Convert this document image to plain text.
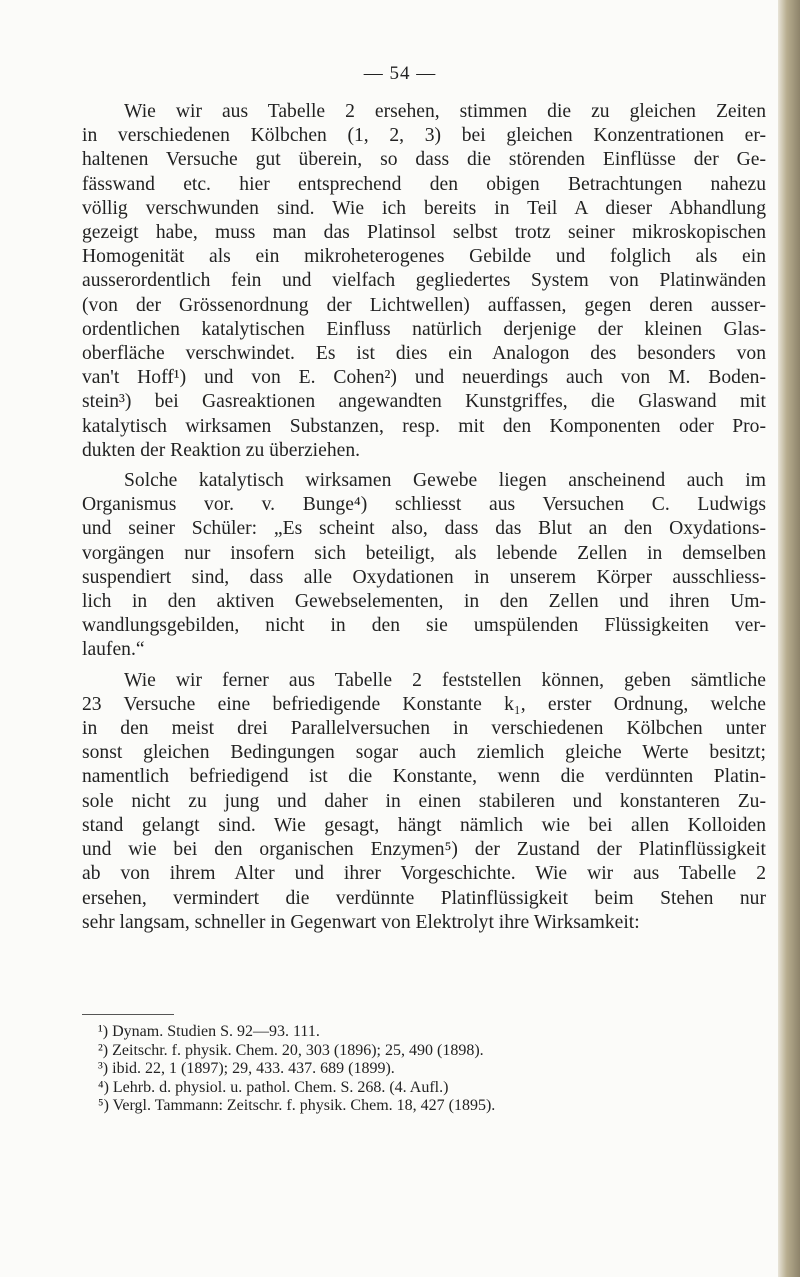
— 54 —
Wie wir aus Tabelle 2 ersehen, stimmen die zu gleichen Zeiten
in verschiedenen Kölbchen (1, 2, 3) bei gleichen Konzentrationen er-
haltenen Versuche gut überein, so dass die störenden Einflüsse der Ge-
fässwand etc. hier entsprechend den obigen Betrachtungen nahezu
völlig verschwunden sind. Wie ich bereits in Teil A dieser Abhandlung
gezeigt habe, muss man das Platinsol selbst trotz seiner mikroskopischen
Homogenität als ein mikroheterogenes Gebilde und folglich als ein
ausserordentlich fein und vielfach gegliedertes System von Platinwänden
(von der Grössenordnung der Lichtwellen) auffassen, gegen deren ausser-
ordentlichen katalytischen Einfluss natürlich derjenige der kleinen Glas-
oberfläche verschwindet. Es ist dies ein Analogon des besonders von
van't Hoff¹) und von E. Cohen²) und neuerdings auch von M. Boden-
stein³) bei Gasreaktionen angewandten Kunstgriffes, die Glaswand mit
katalytisch wirksamen Substanzen, resp. mit den Komponenten oder Pro-
dukten der Reaktion zu überziehen.
Solche katalytisch wirksamen Gewebe liegen anscheinend auch im
Organismus vor. v. Bunge⁴) schliesst aus Versuchen C. Ludwigs
und seiner Schüler: „Es scheint also, dass das Blut an den Oxydations-
vorgängen nur insofern sich beteiligt, als lebende Zellen in demselben
suspendiert sind, dass alle Oxydationen in unserem Körper ausschliess-
lich in den aktiven Gewebselementen, in den Zellen und ihren Um-
wandlungsgebilden, nicht in den sie umspülenden Flüssigkeiten ver-
laufen.“
Wie wir ferner aus Tabelle 2 feststellen können, geben sämtliche
23 Versuche eine befriedigende Konstante k₁, erster Ordnung, welche
in den meist drei Parallelversuchen in verschiedenen Kölbchen unter
sonst gleichen Bedingungen sogar auch ziemlich gleiche Werte besitzt;
namentlich befriedigend ist die Konstante, wenn die verdünnten Platin-
sole nicht zu jung und daher in einen stabileren und konstanteren Zu-
stand gelangt sind. Wie gesagt, hängt nämlich wie bei allen Kolloiden
und wie bei den organischen Enzymen⁵) der Zustand der Platinflüssigkeit
ab von ihrem Alter und ihrer Vorgeschichte. Wie wir aus Tabelle 2
ersehen, vermindert die verdünnte Platinflüssigkeit beim Stehen nur
sehr langsam, schneller in Gegenwart von Elektrolyt ihre Wirksamkeit:
¹) Dynam. Studien S. 92—93. 111.
²) Zeitschr. f. physik. Chem. 20, 303 (1896); 25, 490 (1898).
³) ibid. 22, 1 (1897); 29, 433. 437. 689 (1899).
⁴) Lehrb. d. physiol. u. pathol. Chem. S. 268. (4. Aufl.)
⁵) Vergl. Tammann: Zeitschr. f. physik. Chem. 18, 427 (1895).
